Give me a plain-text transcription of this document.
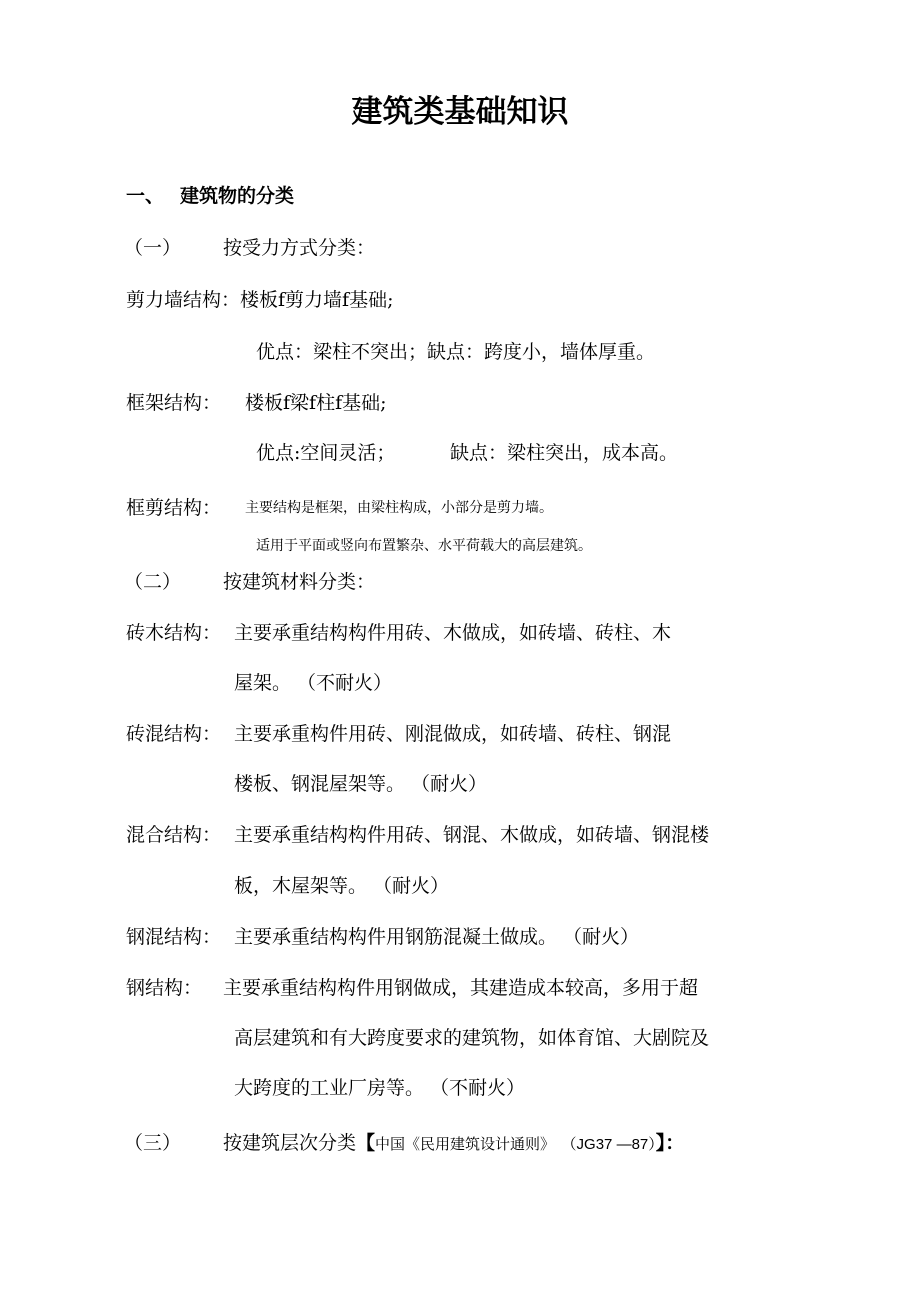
建筑类基础知识
一、 建筑物的分类
（一） 按受力方式分类：
剪力墙结构： 楼板f剪力墙f基础;
优点：梁柱不突出；缺点：跨度小，墙体厚重。
框架结构： 楼板f梁f柱f基础;
优点:空间灵活；	缺点：梁柱突出，成本高。
框剪结构： 主要结构是框架，由梁柱构成，小部分是剪力墙。
适用于平面或竖向布置繁杂、水平荷载大的高层建筑。
（二） 按建筑材料分类：
砖木结构： 主要承重结构构件用砖、木做成，如砖墙、砖柱、木
屋架。 （不耐火）
砖混结构： 主要承重构件用砖、刚混做成，如砖墙、砖柱、钢混
楼板、钢混屋架等。 （耐火）
混合结构： 主要承重结构构件用砖、钢混、木做成，如砖墙、钢混楼
板，木屋架等。 （耐火）
钢混结构： 主要承重结构构件用钢筋混凝土做成。 （耐火）
钢结构： 主要承重结构构件用钢做成，其建造成本较高，多用于超
高层建筑和有大跨度要求的建筑物，如体育馆、大剧院及
大跨度的工业厂房等。 （不耐火）
（三） 按建筑层次分类【中国《民用建筑设计通则》 （JG37 —87）】：
